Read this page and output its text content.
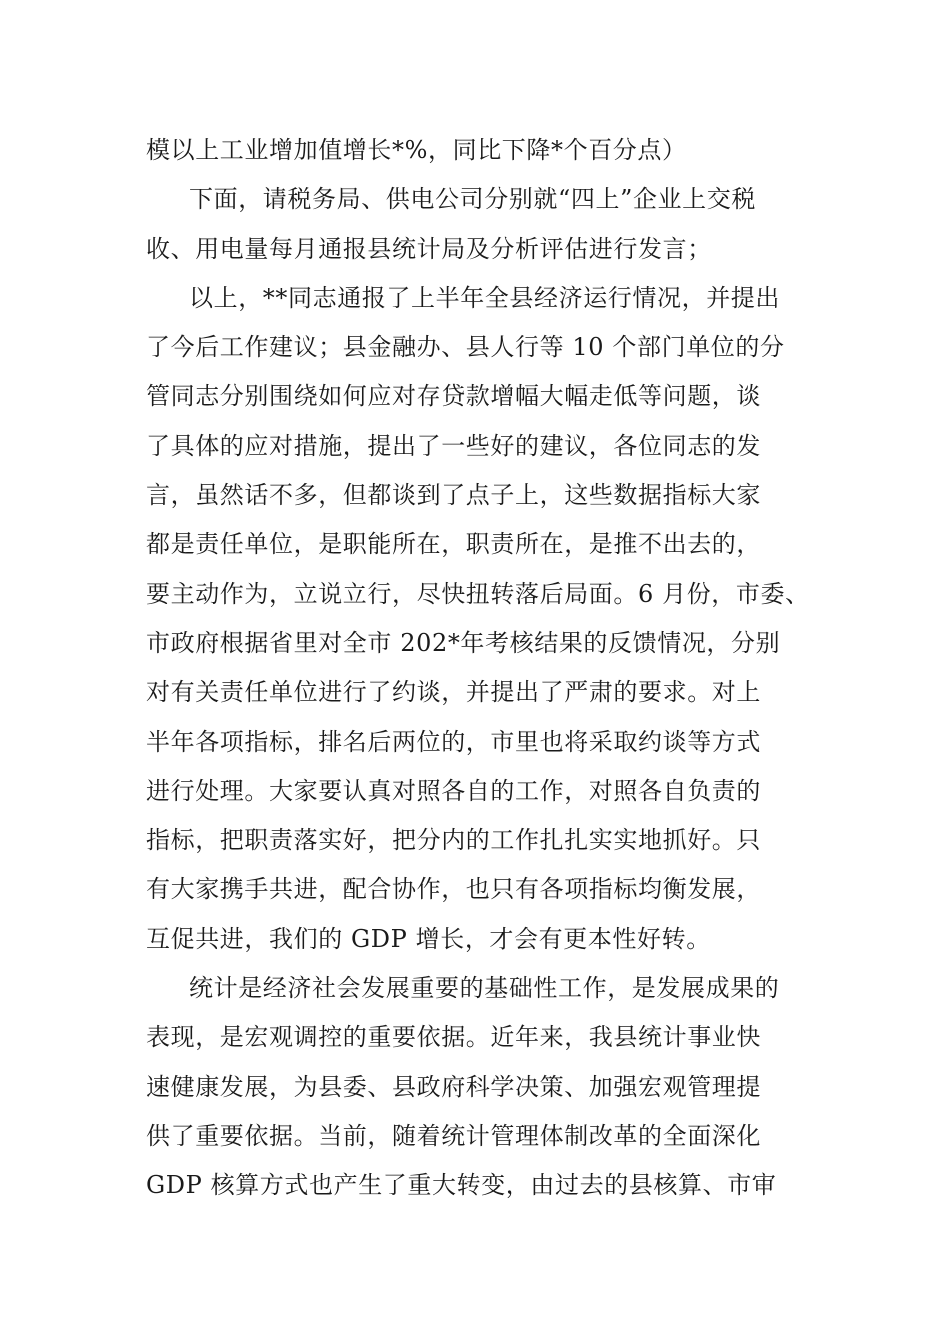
模以上工业增加值增长*%，同比下降*个百分点）
下面，请税务局、供电公司分别就“四上”企业上交税
收、用电量每月通报县统计局及分析评估进行发言；
以上，**同志通报了上半年全县经济运行情况，并提出
了今后工作建议；县金融办、县人行等 10 个部门单位的分
管同志分别围绕如何应对存贷款增幅大幅走低等问题，谈
了具体的应对措施，提出了一些好的建议，各位同志的发
言，虽然话不多，但都谈到了点子上，这些数据指标大家
都是责任单位，是职能所在，职责所在，是推不出去的，
要主动作为，立说立行，尽快扭转落后局面。6 月份，市委、
市政府根据省里对全市 202*年考核结果的反馈情况，分别
对有关责任单位进行了约谈，并提出了严肃的要求。对上
半年各项指标，排名后两位的，市里也将采取约谈等方式
进行处理。大家要认真对照各自的工作，对照各自负责的
指标，把职责落实好，把分内的工作扎扎实实地抓好。只
有大家携手共进，配合协作，也只有各项指标均衡发展，
互促共进，我们的 GDP 增长，才会有更本性好转。
统计是经济社会发展重要的基础性工作，是发展成果的
表现，是宏观调控的重要依据。近年来，我县统计事业快
速健康发展，为县委、县政府科学决策、加强宏观管理提
供了重要依据。当前，随着统计管理体制改革的全面深化
GDP 核算方式也产生了重大转变，由过去的县核算、市审
